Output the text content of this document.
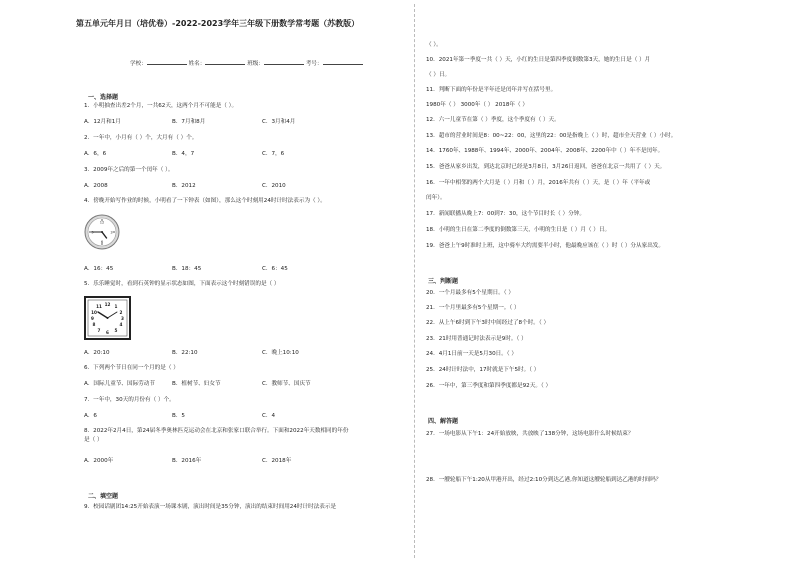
第五单元年月日（培优卷）-2022-2023学年三年级下册数学常考题（苏教版）
学校：	姓名：	班级：	考号：
一、选择题
1．小明抽查出差2个月，一共62天，这两个月不可能是（ ）。
A．12月和1月	B．7月和8月	C．3月和4月
2．一年中，小月有（ ）个，大月有（ ）个。
A．6，6	B．4，7	C．7，6
3．2009年之后的第一个闰年（ ）。
A．2008	B．2012	C．2010
4．傍晚开始写作业的时候，小明看了一下钟表（如图），那么这个时刻用24时计时法表示为（ ）。
12
3
6
9
A．16：45	B．18：45	C．6：45
5．乐乐睡觉时，看到石英钟的显示状态如图，下面表示这个时刻错误的是（ ）
12 1
2
3
4
5
6
7
8
9
10
11
A．20:10	B．22:10	C．晚上10:10
6．下列两个节日在同一个月的是（ ）
A．国际儿童节、国际劳动节	B．植树节、妇女节	C．教师节、国庆节
7．一年中，30天的月份有（ ）个。
A．6	B．5	C．4
8．2022年2月4日，第24届冬季奥林匹克运动会在北京和张家口联合举行。下面和2022年天数相同的年份
是（ ）
A．2000年	B．2016年	C．2018年
二、填空题
9．校园话剧团14:25开始表演一场课本剧，演出时间是35分钟，演出的结束时间用24时计时法表示是
（ ）。
10．2021年第一季度一共（ ）天，小红的生日是第四季度倒数第3天，她的生日是（ ）月
（ ）日。
11．判断下面的年份是平年还是闰年并写在括号里。
1980年（ ） 3000年（ ） 2018年（ ）
12．六一儿童节在第（ ）季度，这个季度有（ ）天。
13．超市的营业时间是8：00~22：00，这里的22：00是指晚上（ ）时，超市全天营业（ ）小时。
14．1760年、1988年、1994年、2000年、2004年、2008年、2200年中（ ）年不是闰年。
15．爸爸从家乡出发，到达北京时已经是3月8日，3月26日返回，爸爸在北京一共用了（ ）天。
16．一年中相邻的两个大月是（ ）月和（ ）月，2016年共有（ ）天，是（ ）年（平年或
闰年）。
17．新闻联播从晚上7：00到7：30，这个节目时长（ ）分钟。
18．小明的生日在第二季度的倒数第三天，小明的生日是（ ）月（ ）日。
19．爸爸上午9时准时上班，这中骑车大约需要半小时，他最晚应该在（ ）时（ ）分从家出发。
三、判断题
20．一个月最多有5个星期日。（ ）
21．一个月里最多有5个星期一。（ ）
22．从上午6时到下午3时中间经过了8个时。（ ）
23．21时用普通记时法表示是9时。（ ）
24．4月1日前一天是5月30日。（ ）
25．24时计时法中，17时就是下午5时。（ ）
26．一年中，第三季度和第四季度都是92天。（ ）
四、解答题
27．一场电影从下午1：24开始放映，共放映了138分钟，这场电影什么时候结束？
28．一艘轮船下午1:20从甲港开出，经过2:10分到达乙港,你知道这艘轮船到达乙港的时间吗？
